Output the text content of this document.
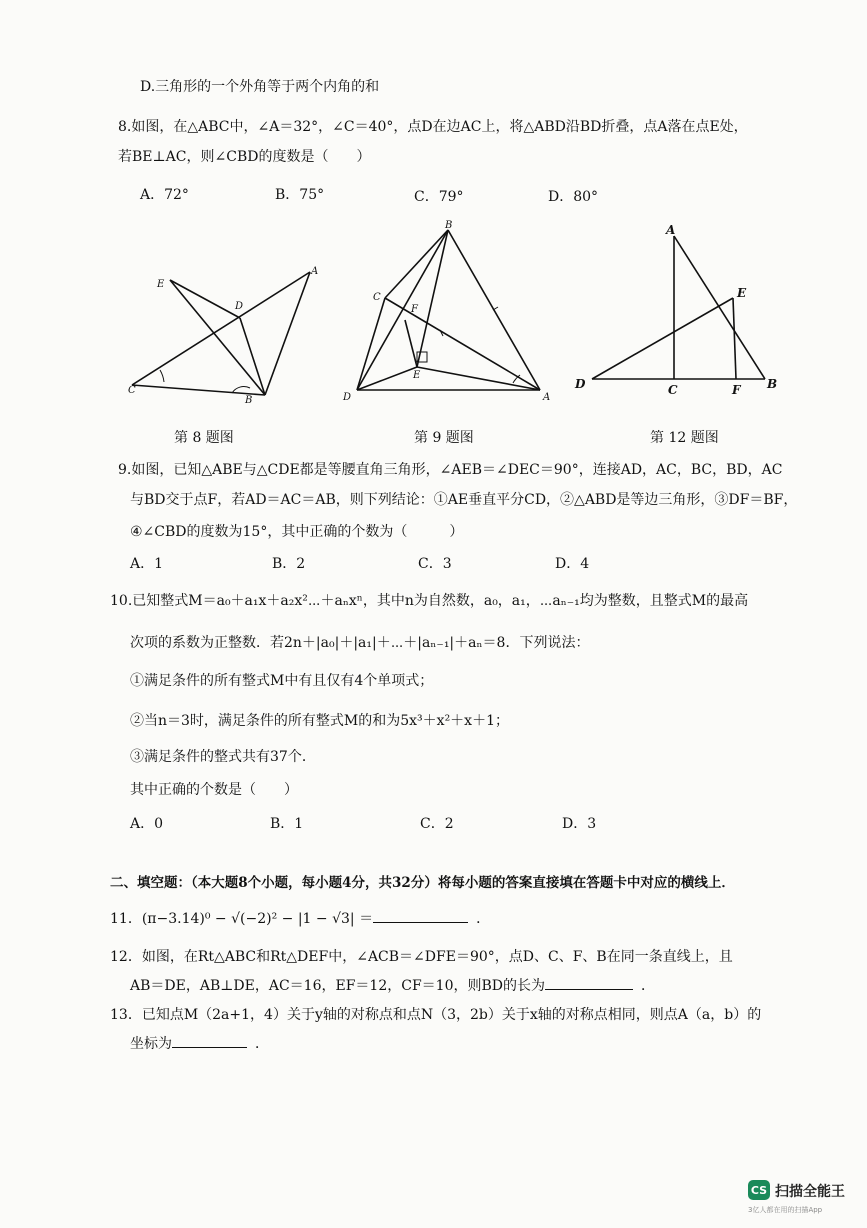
D.三角形的一个外角等于两个内角的和
8.如图，在△ABC中，∠A＝32°，∠C＝40°，点D在边AC上，将△ABD沿BD折叠，点A落在点E处，
若BE⊥AC，则∠CBD的度数是（　　）
A．72°	B．75°	C．79°	D．80°
E
D
A
C
B
B
C
F
E
D	A
A
E
D	C	F B
第 8 题图	第 9 题图	第 12 题图
9.如图，已知△ABE与△CDE都是等腰直角三角形，∠AEB＝∠DEC＝90°，连接AD，AC，BC，BD，AC
与BD交于点F，若AD＝AC＝AB，则下列结论：①AE垂直平分CD，②△ABD是等边三角形，③DF＝BF，
④∠CBD的度数为15°，其中正确的个数为（　　　）
A．1	B．2	C．3	D．4
10.已知整式M＝a₀＋a₁x＋a₂x²⋯＋aₙxⁿ，其中n为自然数，a₀，a₁，⋯aₙ₋₁均为整数，且整式M的最高
次项的系数为正整数．若2n＋|a₀|＋|a₁|＋⋯＋|aₙ₋₁|＋aₙ＝8．下列说法：
①满足条件的所有整式M中有且仅有4个单项式；
②当n＝3时，满足条件的所有整式M的和为5x³＋x²＋x＋1；
③满足条件的整式共有37个．
其中正确的个数是（　　）
A．0	B．1	C．2	D．3
二、填空题：（本大题8个小题，每小题4分，共32分）将每小题的答案直接填在答题卡中对应的横线上．
11．(π−3.14)⁰ − √(−2)² − |1 − √3| ＝	．
12．如图，在Rt△ABC和Rt△DEF中，∠ACB＝∠DFE＝90°，点D、C、F、B在同一条直线上，且
AB＝DE，AB⊥DE，AC＝16，EF＝12，CF＝10，则BD的长为	．
13．已知点M（2a+1，4）关于y轴的对称点和点N（3，2b）关于x轴的对称点相同，则点A（a，b）的
坐标为	．
CS 扫描全能王
3亿人都在用的扫描App
